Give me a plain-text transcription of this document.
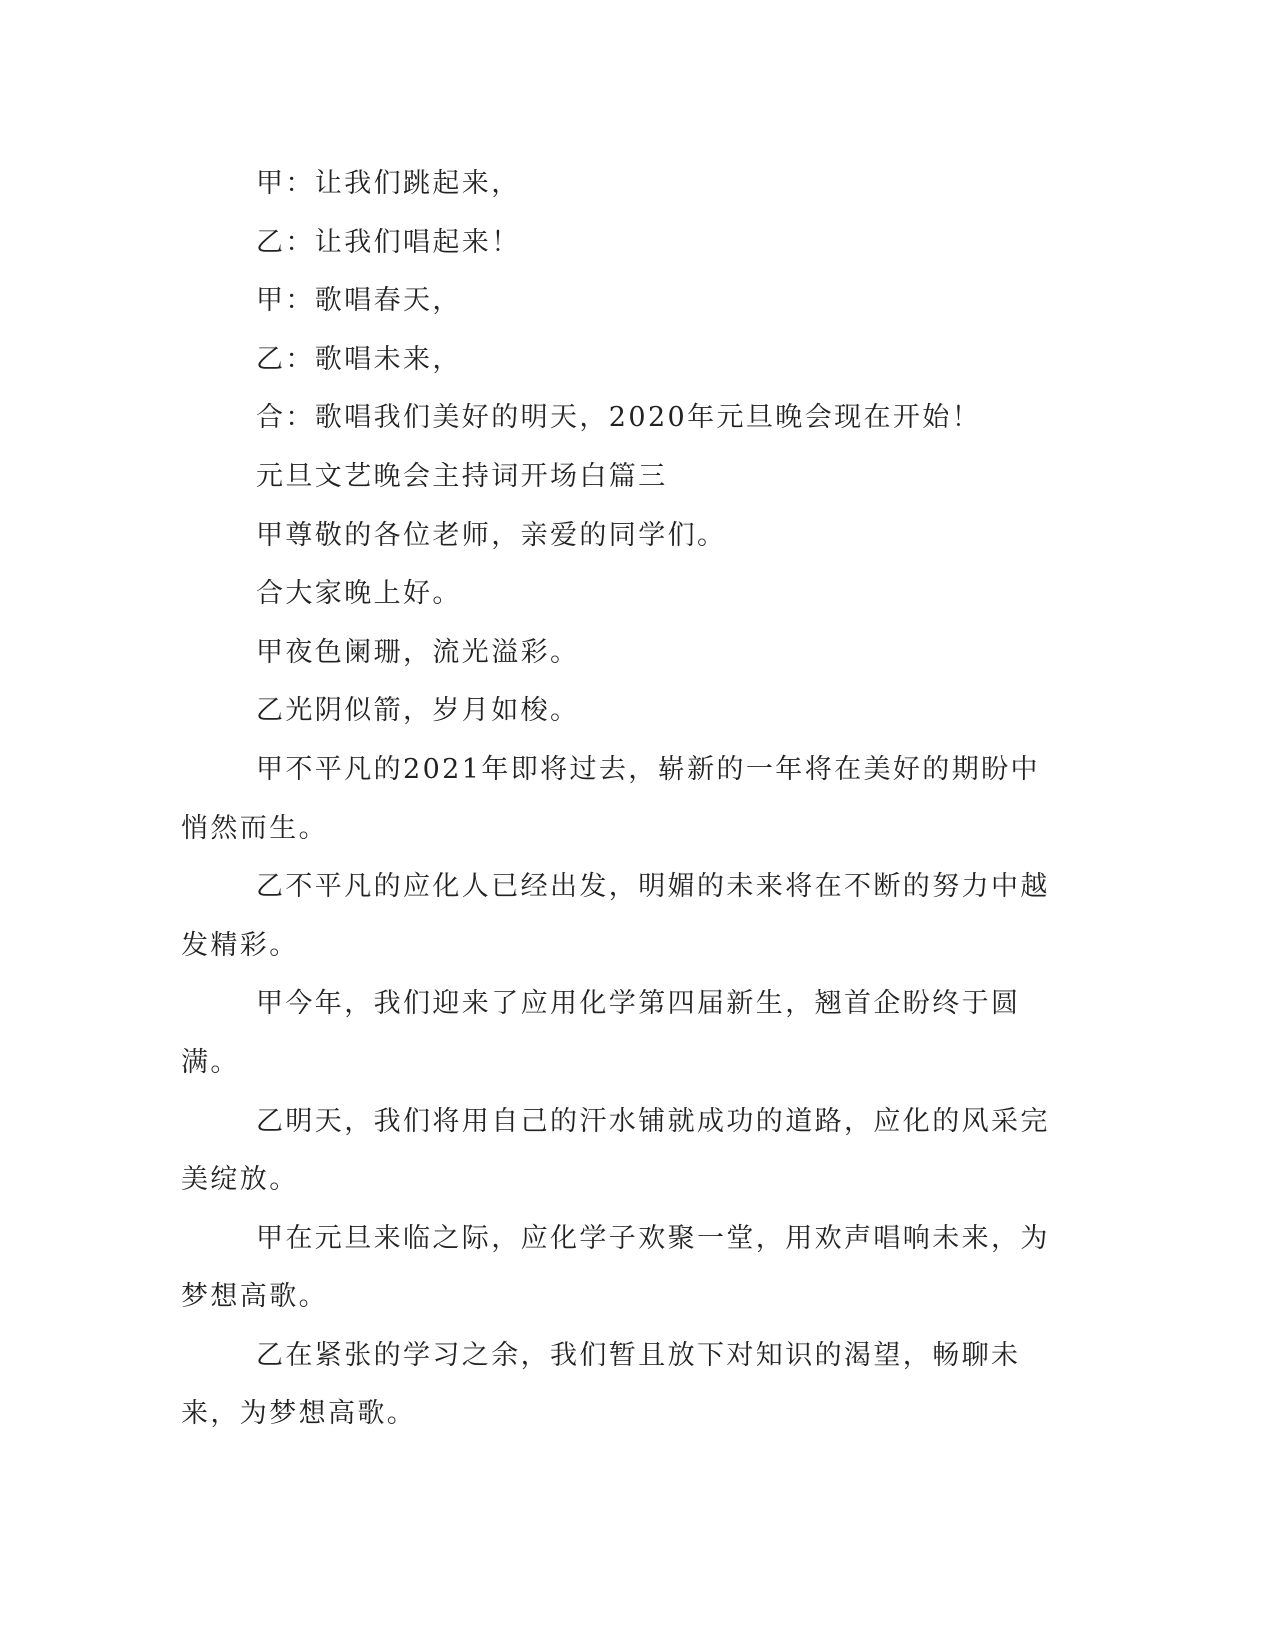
甲：让我们跳起来，

乙：让我们唱起来！

甲：歌唱春天，

乙：歌唱未来，

合：歌唱我们美好的明天，2020年元旦晚会现在开始！

元旦文艺晚会主持词开场白篇三

甲尊敬的各位老师，亲爱的同学们。

合大家晚上好。

甲夜色阑珊，流光溢彩。

乙光阴似箭，岁月如梭。

甲不平凡的2021年即将过去，崭新的一年将在美好的期盼中悄然而生。

乙不平凡的应化人已经出发，明媚的未来将在不断的努力中越发精彩。

甲今年，我们迎来了应用化学第四届新生，翘首企盼终于圆满。

乙明天，我们将用自己的汗水铺就成功的道路，应化的风采完美绽放。

甲在元旦来临之际，应化学子欢聚一堂，用欢声唱响未来，为梦想高歌。

乙在紧张的学习之余，我们暂且放下对知识的渴望，畅聊未来，为梦想高歌。
